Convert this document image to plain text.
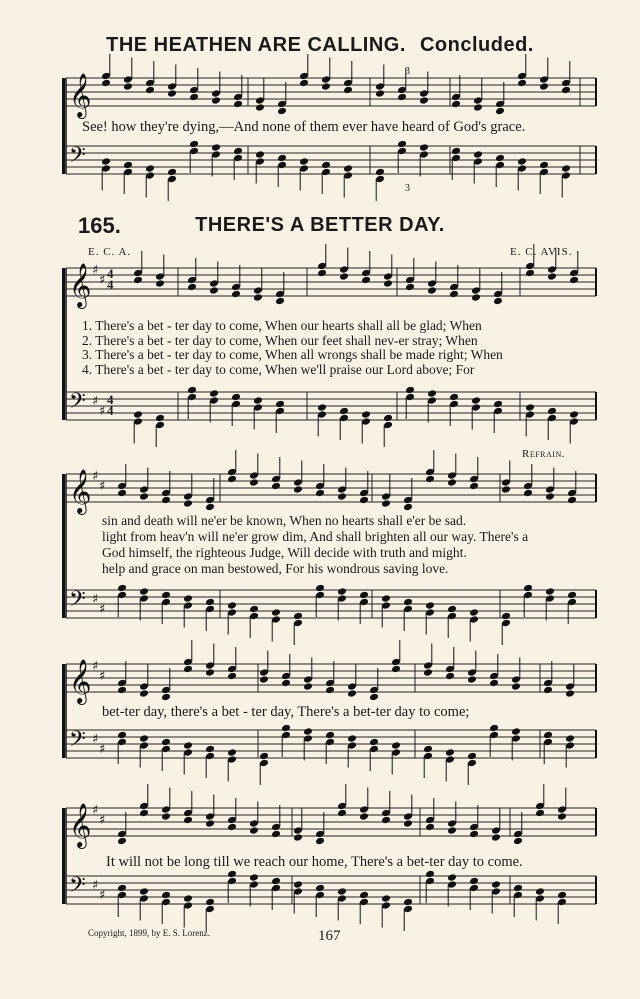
THE HEATHEN ARE CALLING. Concluded.
165.	THERE'S A BETTER DAY.
E. C. A.	E. C. AVIS.
Refrain.
3
3
See! how they're dying,—And none of them ever have heard of God's grace.
1. There's a bet - ter day to come, When our hearts shall all be glad; When
2. There's a bet - ter day to come, When our feet shall nev-er stray; When
3. There's a bet - ter day to come, When all wrongs shall be made right; When
4. There's a bet - ter day to come, When we'll praise our Lord above; For
sin and death will ne'er be known, When no hearts shall e'er be sad.
light from heav'n will ne'er grow dim, And shall brighten all our way. There's a
God himself, the righteous Judge, Will decide with truth and might.
help and grace on man bestowed, For his wondrous saving love.
bet-ter day, there's a bet - ter day, There's a bet-ter day to come;
It will not be long till we reach our home, There's a bet-ter day to come.
4
4
4
4
Copyright, 1899, by E. S. Lorenz.	167
𝄞
𝄢
𝄞 ♯
♯
𝄢 ♯
♯
𝄞 ♯
♯
𝄢 ♯
♯
𝄞 ♯
♯
𝄢 ♯
♯
𝄞 ♯
♯
𝄢 ♯
♯
